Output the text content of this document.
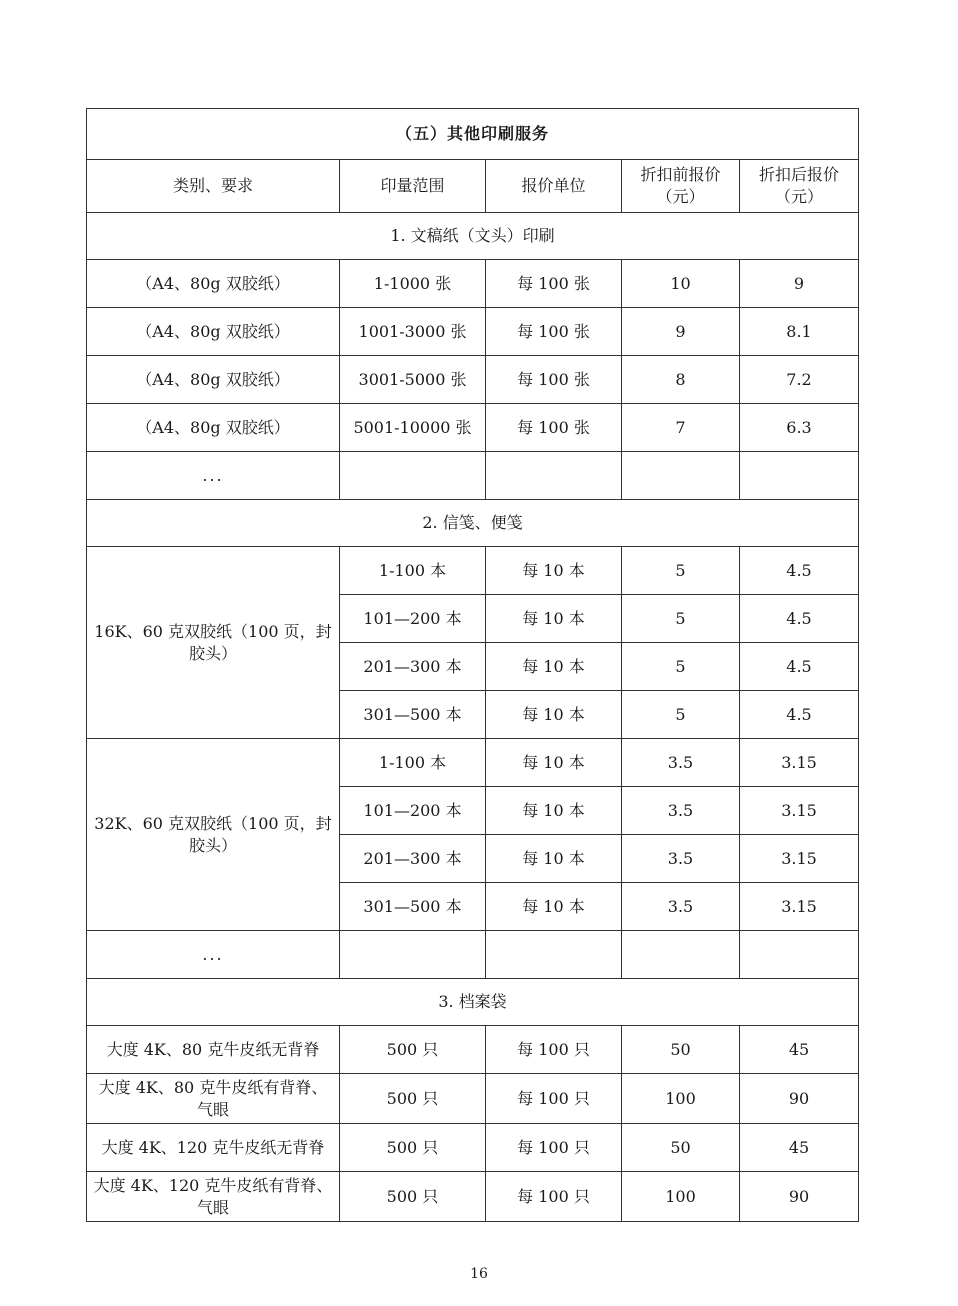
（五）其他印刷服务				
类别、要求	印量范围	报价单位	折扣前报价（元）	折扣后报价（元）
1. 文稿纸（文头）印刷				
（A4、80g 双胶纸）	1-1000 张	每 100 张	10	9
（A4、80g 双胶纸）	1001-3000 张	每 100 张	9	8.1
（A4、80g 双胶纸）	3001-5000 张	每 100 张	8	7.2
（A4、80g 双胶纸）	5001-10000 张	每 100 张	7	6.3
...				
2. 信笺、便笺				
16K、60 克双胶纸（100 页，封胶头）	1-100 本	每 10 本	5	4.5
	101—200 本	每 10 本	5	4.5
	201—300 本	每 10 本	5	4.5
	301—500 本	每 10 本	5	4.5
32K、60 克双胶纸（100 页，封胶头）	1-100 本	每 10 本	3.5	3.15
	101—200 本	每 10 本	3.5	3.15
	201—300 本	每 10 本	3.5	3.15
	301—500 本	每 10 本	3.5	3.15
...				
3. 档案袋				
大度 4K、80 克牛皮纸无背脊	500 只	每 100 只	50	45
大度 4K、80 克牛皮纸有背脊、气眼	500 只	每 100 只	100	90
大度 4K、120 克牛皮纸无背脊	500 只	每 100 只	50	45
大度 4K、120 克牛皮纸有背脊、气眼	500 只	每 100 只	100	90
16
